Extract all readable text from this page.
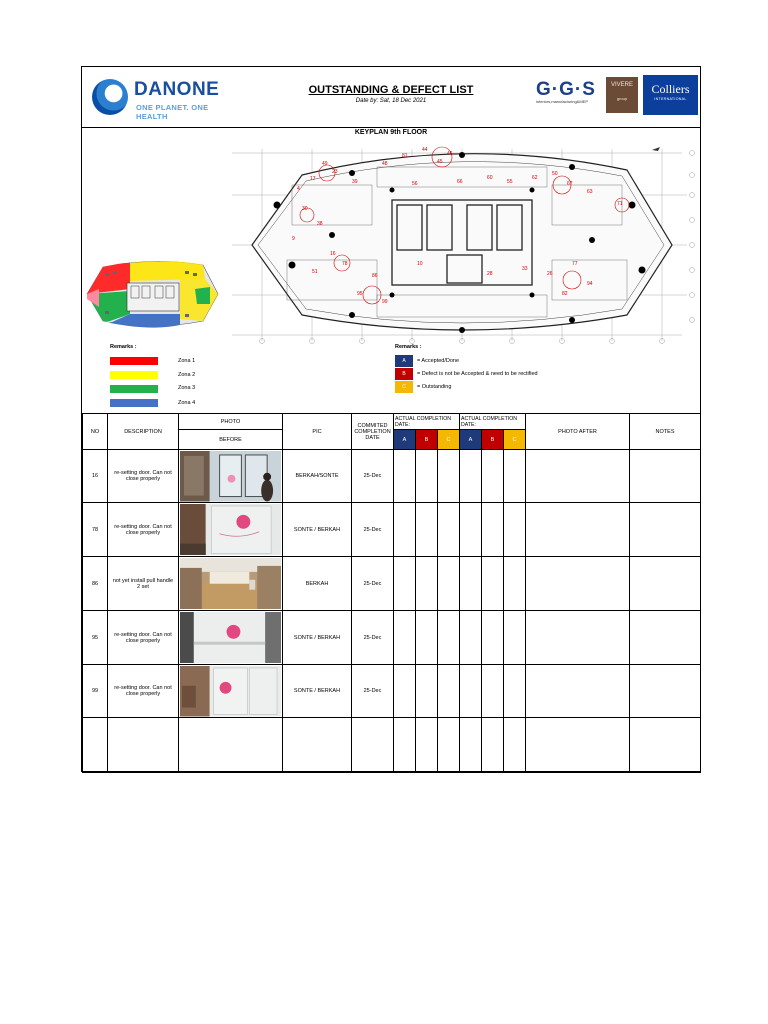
✦ DANONE
ONE PLANET. ONE HEALTH
OUTSTANDING & DEFECT LIST
Date by: Sat, 18 Dec 2021
G·G·S
interiors,manufacturing&MEP
VIVERE
group
Colliers
INTERNATIONAL
KEYPLAN 9th FLOOR
49
23
17
4
39
48
81
44
45
46
56	66
60
55
62
50
67
63
71
30
38
16
78
86
95
99
10
28
33
26
77
94
82
51
9
Remarks :
Zona 1
Zona 2
Zona 3
Zona 4
Remarks :
A	= Accepted/Done
B	= Defect is not be Accepted & need to be rectified
C	= Outstanding
NO	DESCRIPTION	PHOTO	PIC	COMMITED COMPLETION DATE	ACTUAL COMPLETION DATE:			ACTUAL COMPLETION DATE:			PHOTO AFTER	NOTES
		BEFORE			A	B	C	A	B	C		
16	re-setting door. Can not close properly		BERKAH/SONTE	25-Dec								
78	re-setting door. Can not close properly		SONTE / BERKAH	25-Dec								
86	not yet install pull handle 2 set		BERKAH	25-Dec								
95	re-setting door. Can not close properly		SONTE / BERKAH	25-Dec								
99	re-setting door. Can not close properly		SONTE / BERKAH	25-Dec								
